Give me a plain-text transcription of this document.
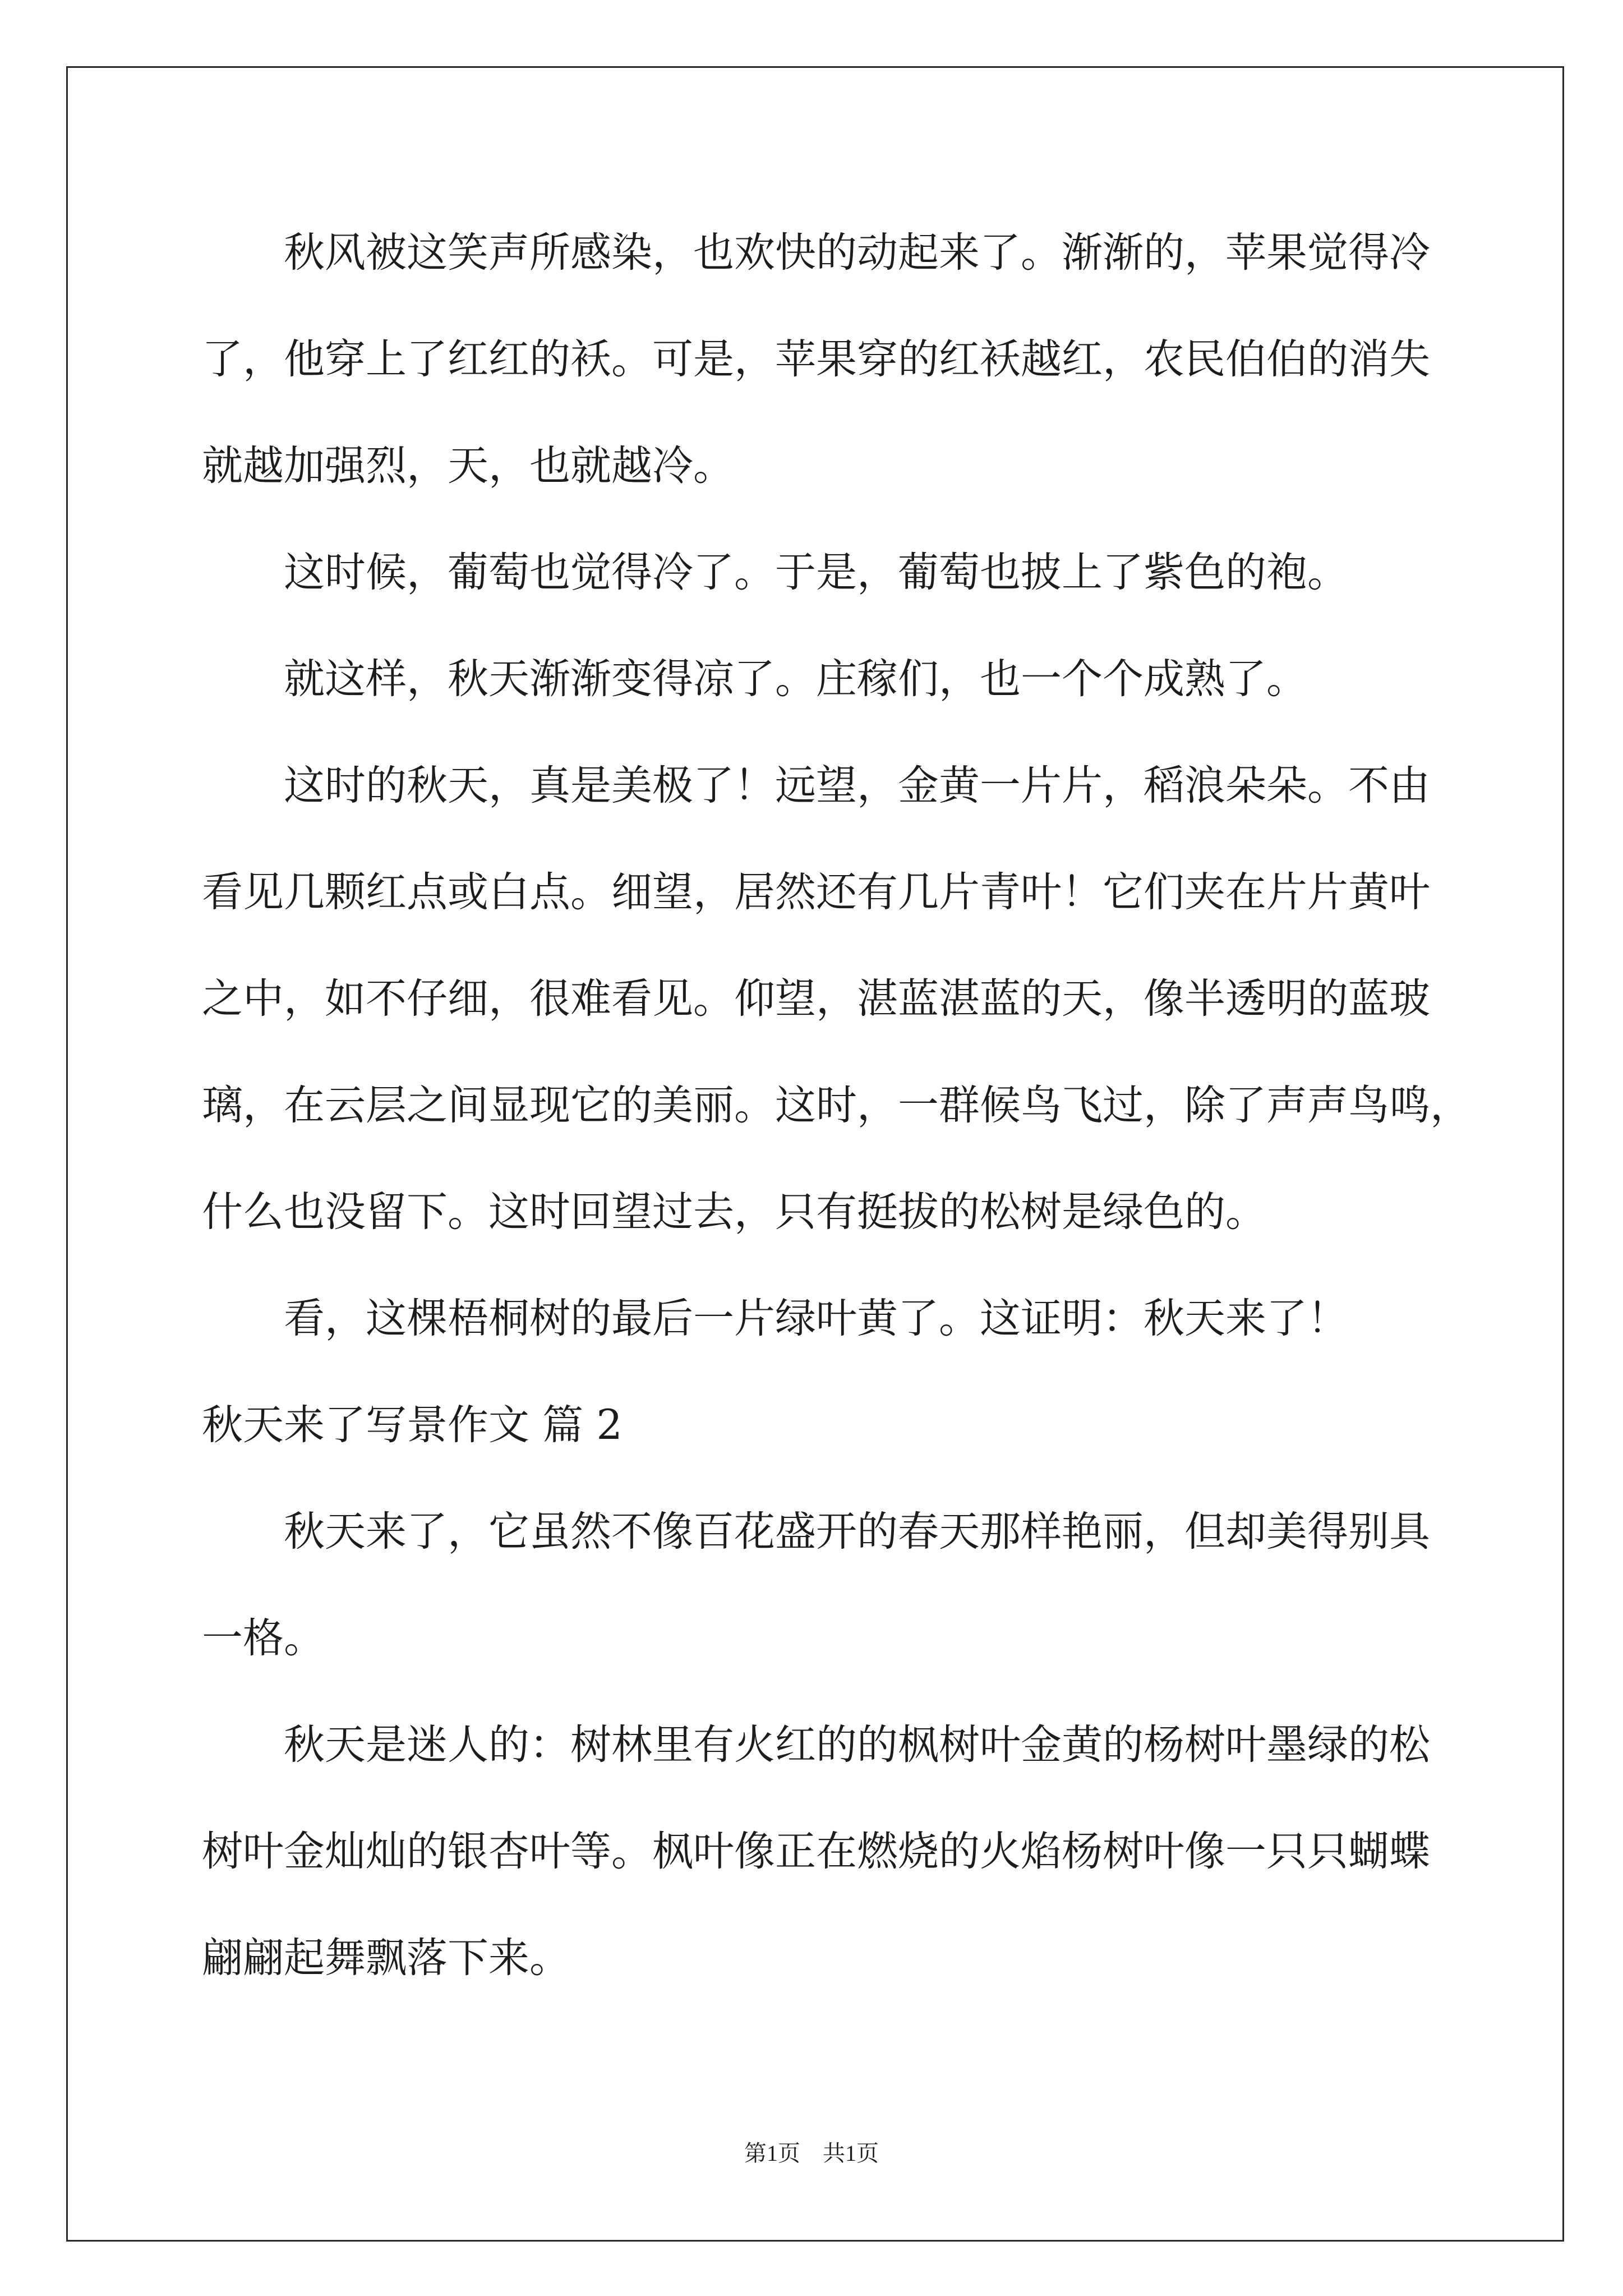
秋风被这笑声所感染，也欢快的动起来了。渐渐的，苹果觉得冷
了，他穿上了红红的袄。可是，苹果穿的红袄越红，农民伯伯的消失
就越加强烈，天，也就越冷。
这时候，葡萄也觉得冷了。于是，葡萄也披上了紫色的袍。
就这样，秋天渐渐变得凉了。庄稼们，也一个个成熟了。
这时的秋天，真是美极了！远望，金黄一片片，稻浪朵朵。不由
看见几颗红点或白点。细望，居然还有几片青叶！它们夹在片片黄叶
之中，如不仔细，很难看见。仰望，湛蓝湛蓝的天，像半透明的蓝玻
璃，在云层之间显现它的美丽。这时，一群候鸟飞过，除了声声鸟鸣，
什么也没留下。这时回望过去，只有挺拔的松树是绿色的。
看，这棵梧桐树的最后一片绿叶黄了。这证明：秋天来了！
秋天来了写景作文 篇 2
秋天来了，它虽然不像百花盛开的春天那样艳丽，但却美得别具
一格。
秋天是迷人的：树林里有火红的的枫树叶金黄的杨树叶墨绿的松
树叶金灿灿的银杏叶等。枫叶像正在燃烧的火焰杨树叶像一只只蝴蝶
翩翩起舞飘落下来。
第1页　共1页
